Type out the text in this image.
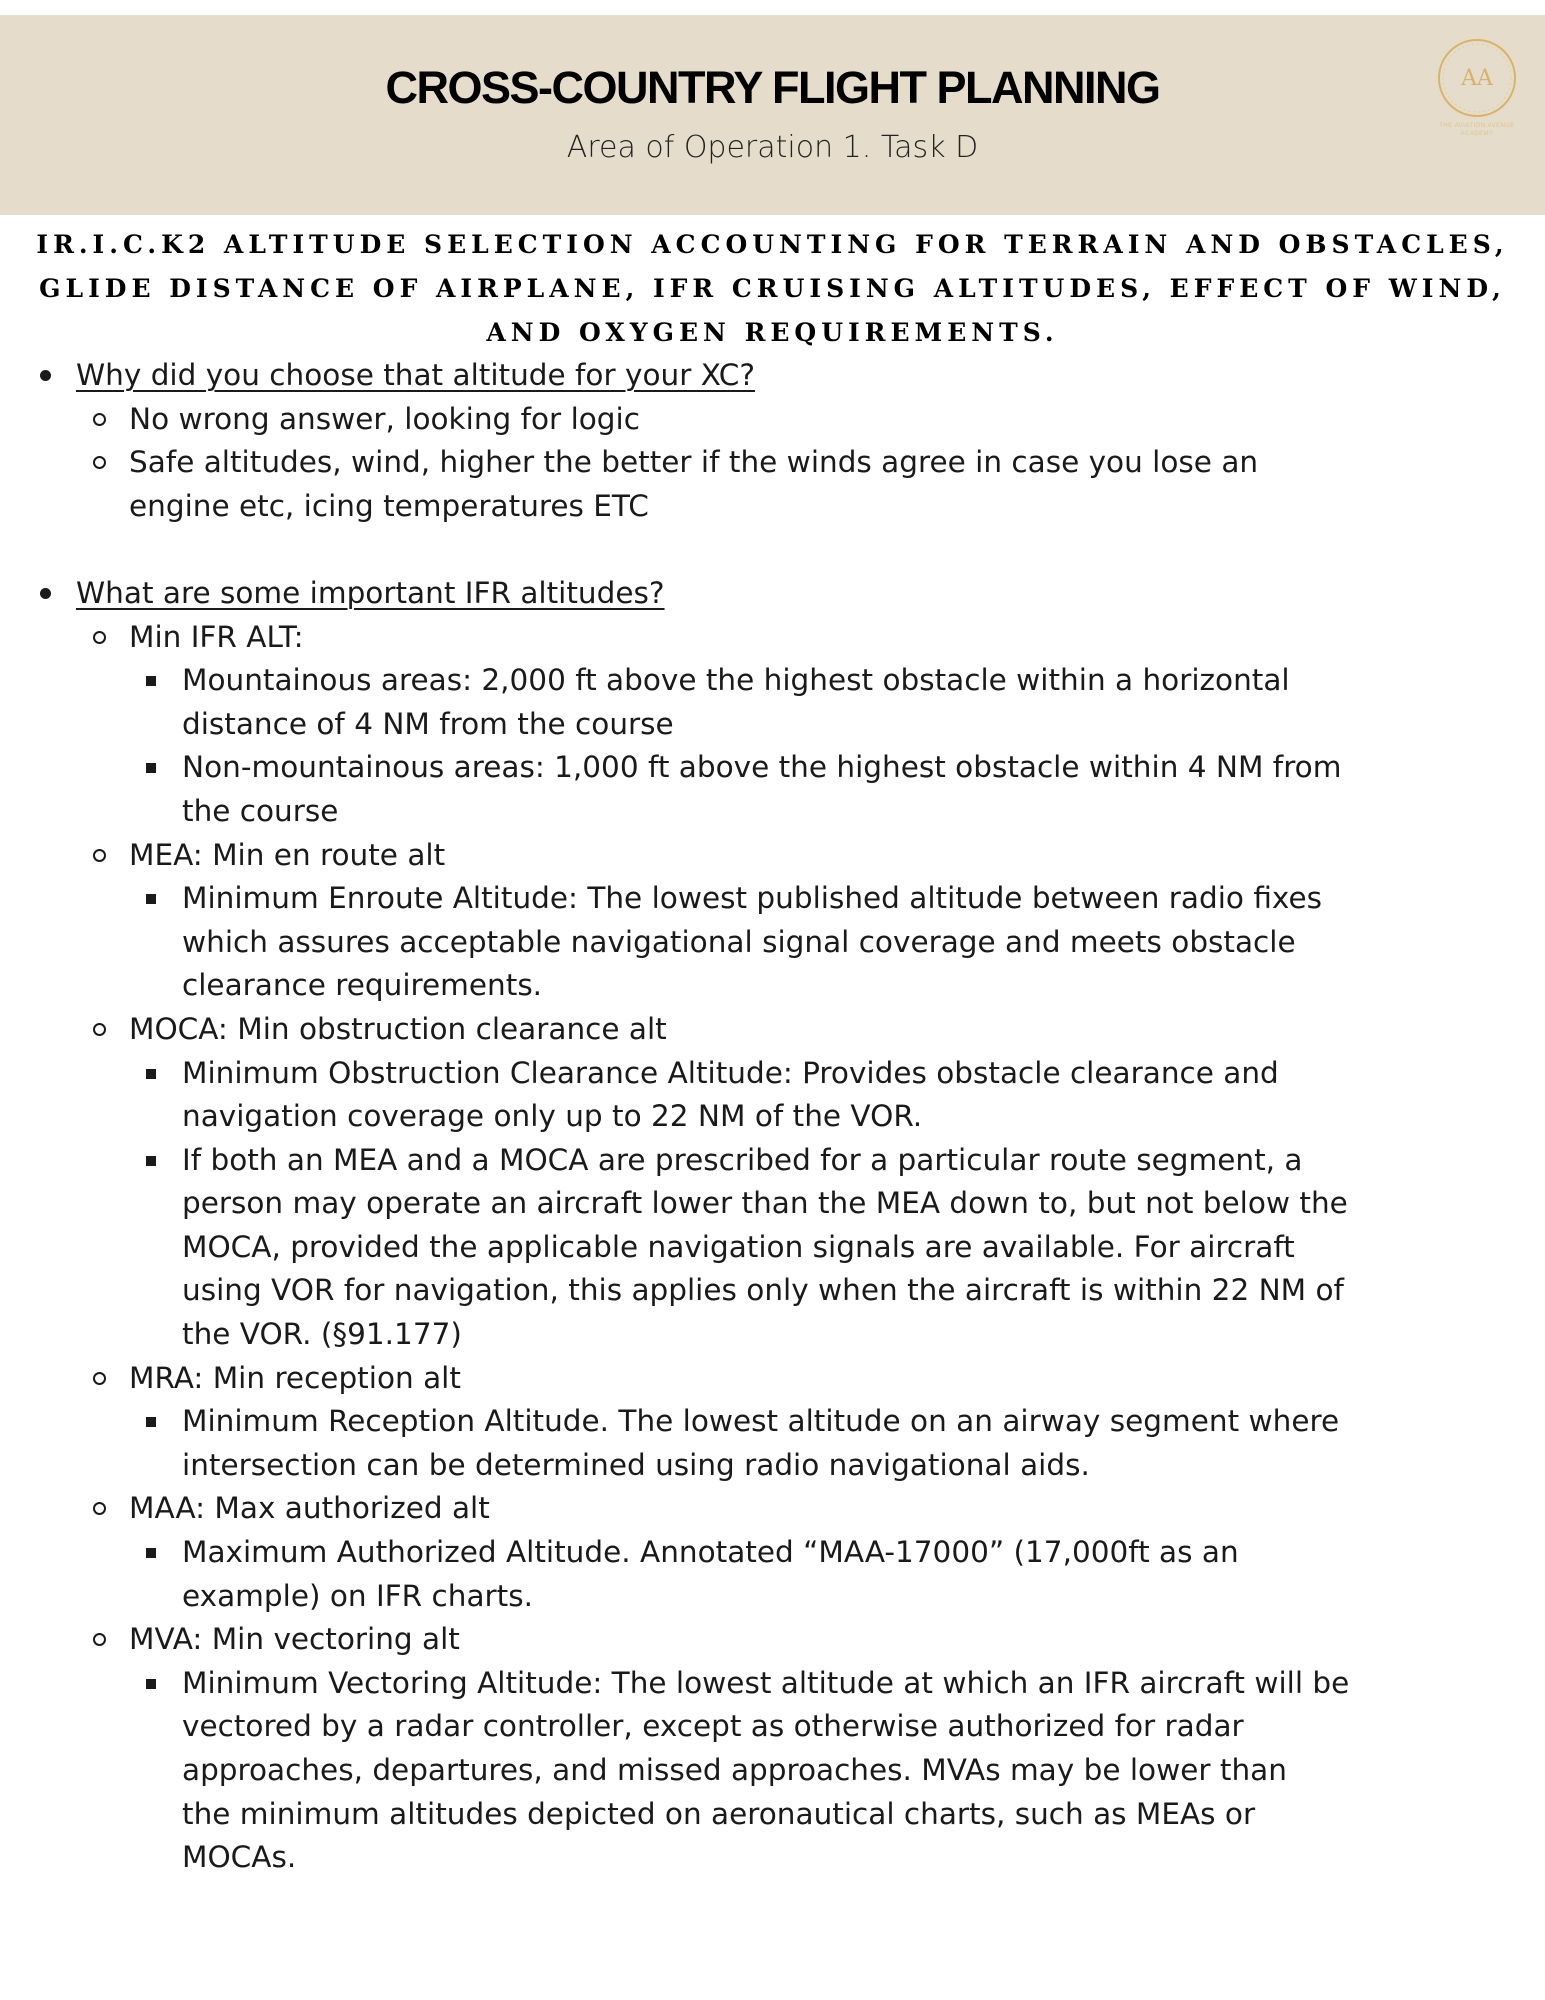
CROSS-COUNTRY FLIGHT PLANNING
Area of Operation 1. Task D
AA
THE AVIATION AVENUE
ACADEMY
IR.I.C.K2 ALTITUDE SELECTION ACCOUNTING FOR TERRAIN AND OBSTACLES,
GLIDE DISTANCE OF AIRPLANE, IFR CRUISING ALTITUDES, EFFECT OF WIND,
AND OXYGEN REQUIREMENTS.
Why did you choose that altitude for your XC?
No wrong answer, looking for logic
Safe altitudes, wind, higher the better if the winds agree in case you lose an
engine etc, icing temperatures ETC
What are some important IFR altitudes?
Min IFR ALT:
Mountainous areas: 2,000 ft above the highest obstacle within a horizontal
distance of 4 NM from the course
Non-mountainous areas: 1,000 ft above the highest obstacle within 4 NM from
the course
MEA: Min en route alt
Minimum Enroute Altitude: The lowest published altitude between radio fixes
which assures acceptable navigational signal coverage and meets obstacle
clearance requirements.
MOCA: Min obstruction clearance alt
Minimum Obstruction Clearance Altitude: Provides obstacle clearance and
navigation coverage only up to 22 NM of the VOR.
If both an MEA and a MOCA are prescribed for a particular route segment, a
person may operate an aircraft lower than the MEA down to, but not below the
MOCA, provided the applicable navigation signals are available. For aircraft
using VOR for navigation, this applies only when the aircraft is within 22 NM of
the VOR. (§91.177)
MRA: Min reception alt
Minimum Reception Altitude. The lowest altitude on an airway segment where
intersection can be determined using radio navigational aids.
MAA: Max authorized alt
Maximum Authorized Altitude. Annotated “MAA-17000” (17,000ft as an
example) on IFR charts.
MVA: Min vectoring alt
Minimum Vectoring Altitude: The lowest altitude at which an IFR aircraft will be
vectored by a radar controller, except as otherwise authorized for radar
approaches, departures, and missed approaches. MVAs may be lower than
the minimum altitudes depicted on aeronautical charts, such as MEAs or
MOCAs.
